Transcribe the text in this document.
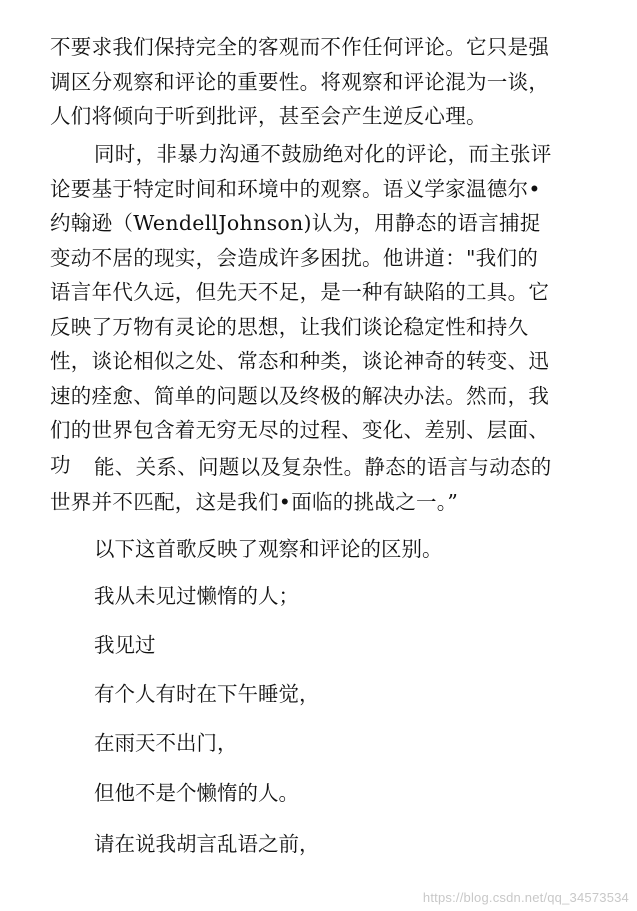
不要求我们保持完全的客观而不作任何评论。它只是强
调区分观察和评论的重要性。将观察和评论混为一谈，
人们将倾向于听到批评，甚至会产生逆反心理。
同时，非暴力沟通不鼓励绝对化的评论，而主张评
论要基于特定时间和环境中的观察。语义学家温德尔•
约翰逊（WendellJohnson)认为，用静态的语言捕捉
变动不居的现实，会造成许多困扰。他讲道："我们的
语言年代久远，但先天不足，是一种有缺陷的工具。它
反映了万物有灵论的思想，让我们谈论稳定性和持久
性，谈论相似之处、常态和种类，谈论神奇的转变、迅
速的痊愈、简单的问题以及终极的解决办法。然而，我
们的世界包含着无穷无尽的过程、变化、差别、层面、
功	能、关系、问题以及复杂性。静态的语言与动态的
世界并不匹配，这是我们•面临的挑战之一。”

以下这首歌反映了观察和评论的区别。

我从未见过懒惰的人；

我见过

有个人有时在下午睡觉，

在雨天不出门，

但他不是个懒惰的人。

请在说我胡言乱语之前，

https://blog.csdn.net/qq_34573534
